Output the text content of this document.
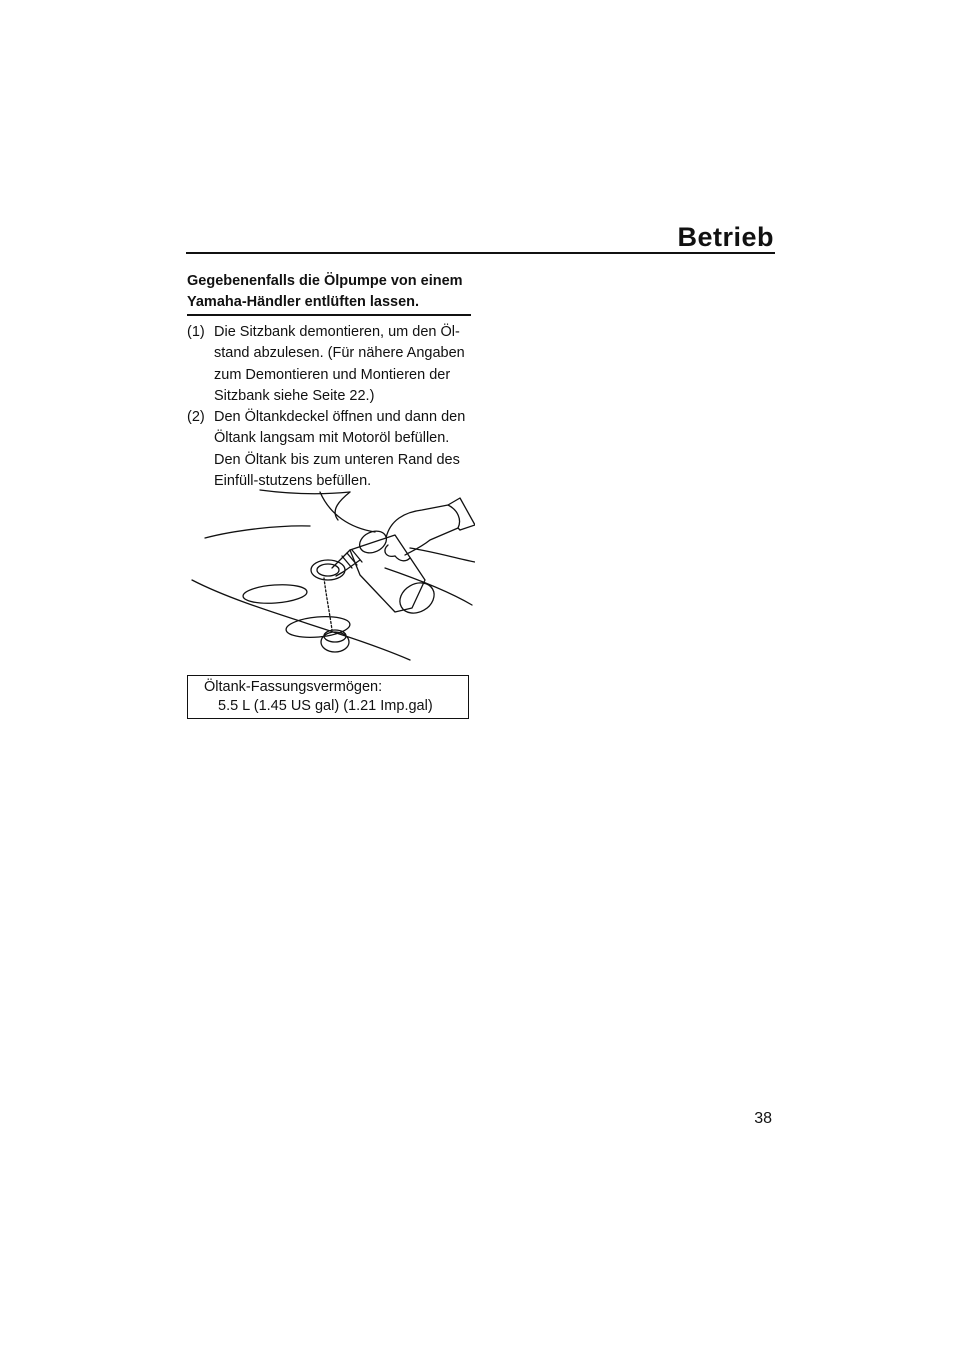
Betrieb

Gegebenenfalls die Ölpumpe von einem Yamaha-Händler entlüften lassen.

(1) Die Sitzbank demontieren, um den Öl-stand abzulesen. (Für nähere Angaben zum Demontieren und Montieren der Sitzbank siehe Seite 22.)
(2) Den Öltankdeckel öffnen und dann den Öltank langsam mit Motoröl befüllen. Den Öltank bis zum unteren Rand des Einfüll-stutzens befüllen.
Öltank-Fassungsvermögen:
5.5 L (1.45 US gal) (1.21 Imp.gal)
38
